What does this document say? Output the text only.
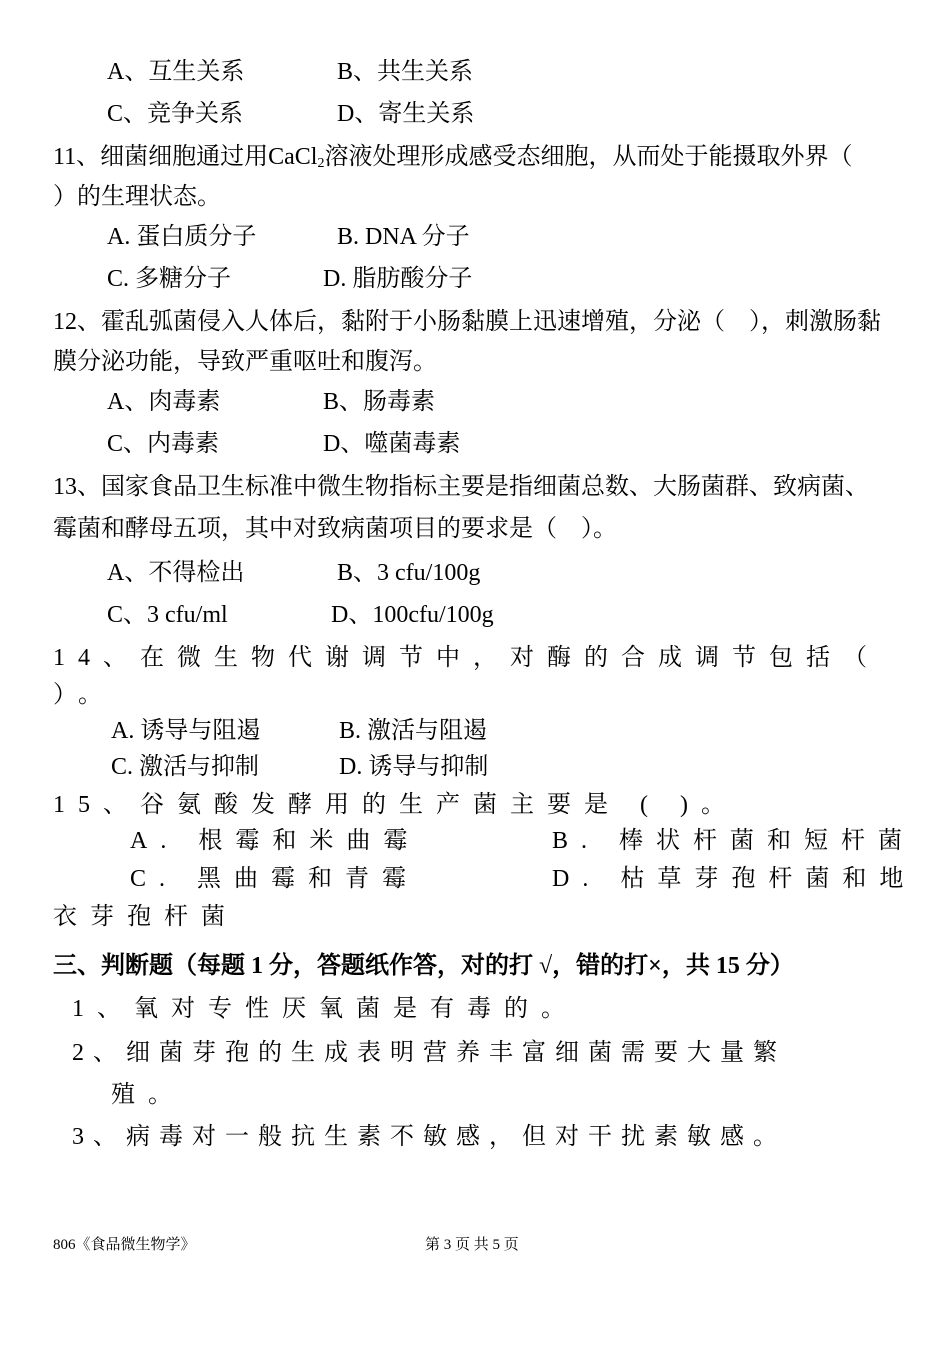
A、互生关系	B、共生关系
C、竞争关系	D、寄生关系
11、细菌细胞通过用CaCl$_2$溶液处理形成感受态细胞，从而处于能摄取外界（
）的生理状态。
A. 蛋白质分子	B. DNA 分子
C. 多糖分子	D. 脂肪酸分子
12、霍乱弧菌侵入人体后，黏附于小肠黏膜上迅速增殖，分泌（　），刺激肠黏
膜分泌功能，导致严重呕吐和腹泻。
A、肉毒素	B、肠毒素
C、内毒素	D、噬菌毒素
13、国家食品卫生标准中微生物指标主要是指细菌总数、大肠菌群、致病菌、
霉菌和酵母五项，其中对致病菌项目的要求是（　）。
A、不得检出	B、3 cfu/100g
C、3 cfu/ml	D、100cfu/100g
14、在微生物代谢调节中，对酶的合成调节包括（
）。
A. 诱导与阻遏	B. 激活与阻遏
C. 激活与抑制	D. 诱导与抑制
15、谷氨酸发酵用的生产菌主要是 ( )。
A. 根霉和米曲霉	B. 棒状杆菌和短杆菌
C. 黑曲霉和青霉	D. 枯草芽孢杆菌和地
衣芽孢杆菌
三、判断题（每题 1 分，答题纸作答，对的打 √，错的打×，共 15 分）
1、氧对专性厌氧菌是有毒的。
2、细菌芽孢的生成表明营养丰富细菌需要大量繁
殖。
3、病毒对一般抗生素不敏感，但对干扰素敏感。
806《食品微生物学》	第 3 页 共 5 页
